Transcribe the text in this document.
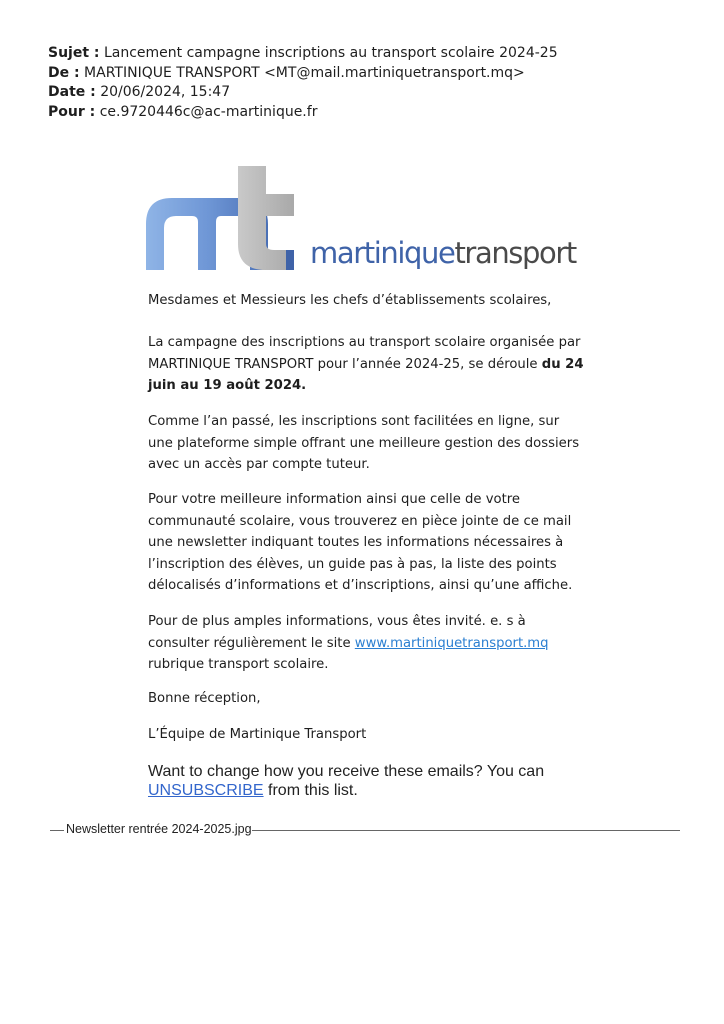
Sujet : Lancement campagne inscriptions au transport scolaire 2024-25
De : MARTINIQUE TRANSPORT <MT@mail.martiniquetransport.mq>
Date : 20/06/2024, 15:47
Pour : ce.9720446c@ac-martinique.fr
mt
martiniquetransport

Mesdames et Messieurs les chefs d’établissements scolaires,

La campagne des inscriptions au transport scolaire organisée par MARTINIQUE TRANSPORT pour l’année 2024-25, se déroule du 24 juin au 19 août 2024.

Comme l’an passé, les inscriptions sont facilitées en ligne, sur une plateforme simple offrant une meilleure gestion des dossiers avec un accès par compte tuteur.

Pour votre meilleure information ainsi que celle de votre communauté scolaire, vous trouverez en pièce jointe de ce mail une newsletter indiquant toutes les informations nécessaires à l’inscription des élèves, un guide pas à pas, la liste des points délocalisés d’informations et d’inscriptions, ainsi qu’une affiche.

Pour de plus amples informations, vous êtes invité. e. s à consulter régulièrement le site www.martiniquetransport.mq rubrique transport scolaire.

Bonne réception,

L’Équipe de Martinique Transport

Want to change how you receive these emails? You can UNSUBSCRIBE from this list.
Newsletter rentrée 2024-2025.jpg
